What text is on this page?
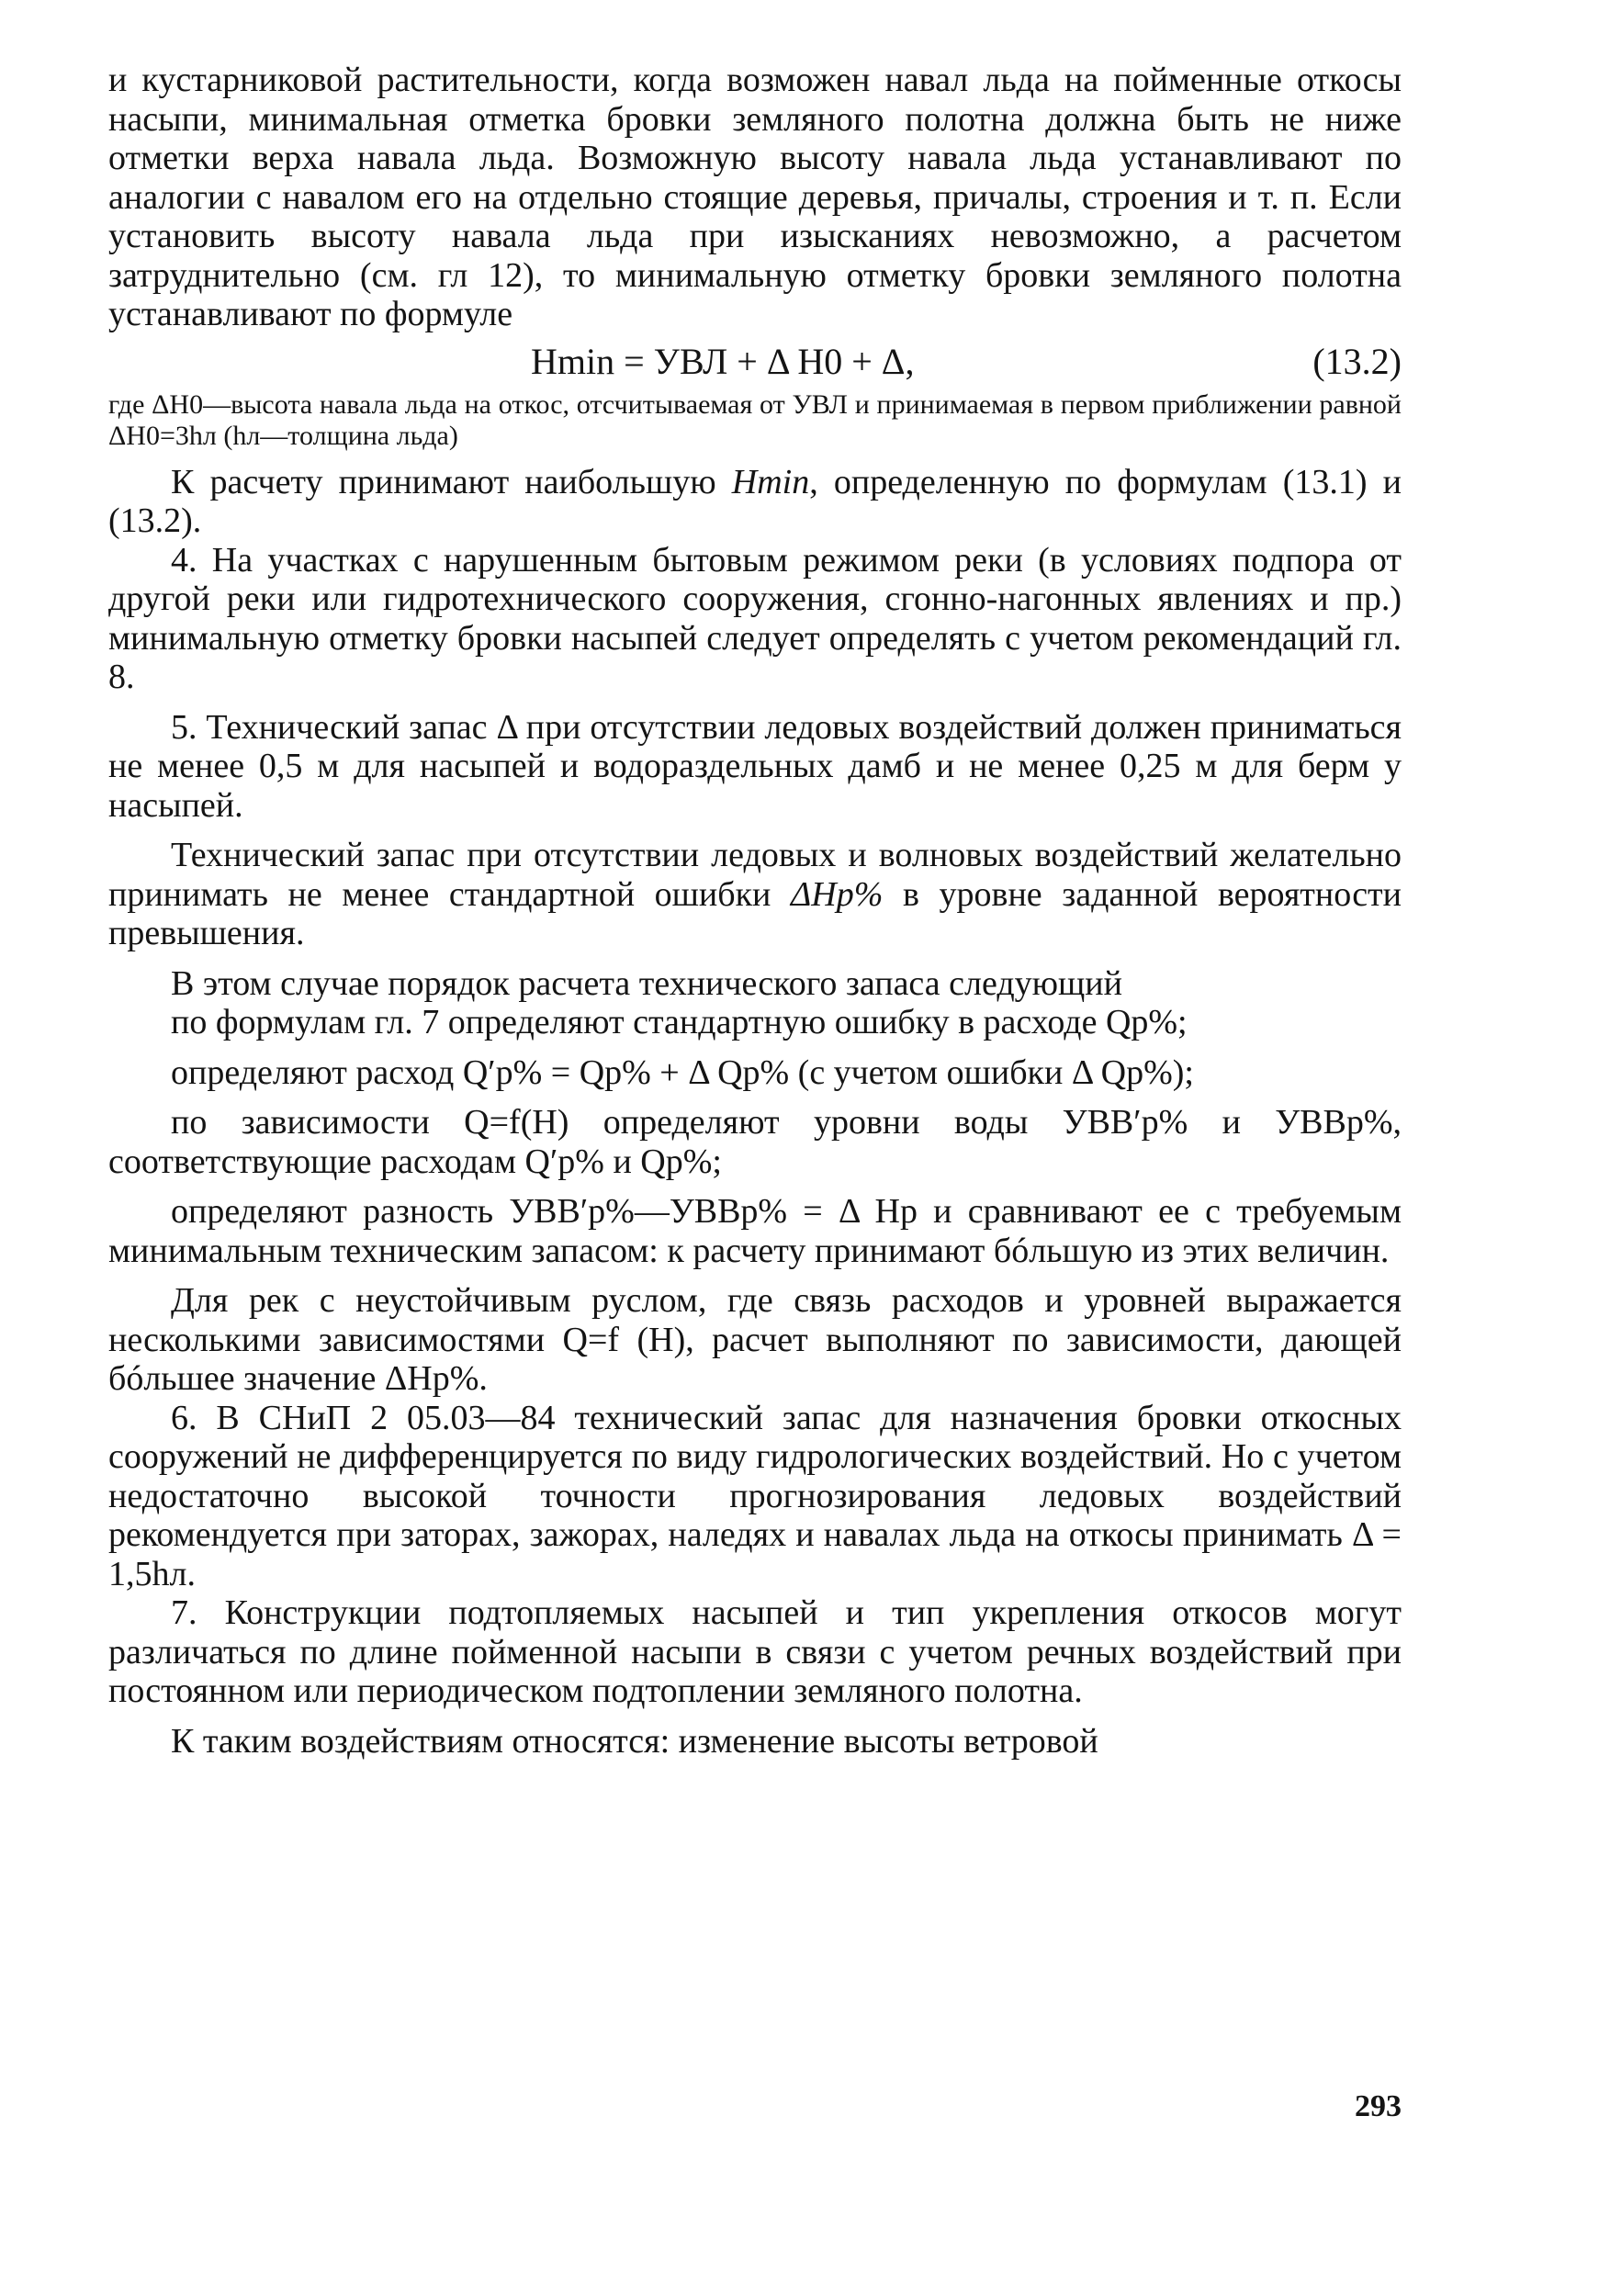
и кустарниковой растительности, когда возможен навал льда на пойменные откосы насыпи, минимальная отметка бровки земляного полотна должна быть не ниже отметки верха навала льда. Возможную высоту навала льда устанавливают по аналогии с навалом его на отдельно стоящие деревья, причалы, строения и т. п. Если установить высоту навала льда при изысканиях невозможно, а расчетом затруднительно (см. гл 12), то минимальную отметку бровки земляного полотна устанавливают по формуле

Hmin = УВЛ + Δ H0 + Δ,	(13.2)

где ΔH0—высота навала льда на откос, отсчитываемая от УВЛ и принимаемая в первом приближении равной ΔH0=3hл (hл—толщина льда)

К расчету принимают наибольшую Hmin, определенную по формулам (13.1) и (13.2).

4. На участках с нарушенным бытовым режимом реки (в условиях подпора от другой реки или гидротехнического сооружения, сгонно-нагонных явлениях и пр.) минимальную отметку бровки насыпей следует определять с учетом рекомендаций гл. 8.

5. Технический запас Δ при отсутствии ледовых воздействий должен приниматься не менее 0,5 м для насыпей и водораздельных дамб и не менее 0,25 м для берм у насыпей.

Технический запас при отсутствии ледовых и волновых воздействий желательно принимать не менее стандартной ошибки ΔHp% в уровне заданной вероятности превышения.

В этом случае порядок расчета технического запаса следующий

по формулам гл. 7 определяют стандартную ошибку в расходе Qp%;

определяют расход Q′p% = Qp% + Δ Qp% (с учетом ошибки Δ Qp%);

по зависимости Q=f(H) определяют уровни воды УВВ′p% и УВВp%, соответствующие расходам Q′p% и Qp%;

определяют разность УВВ′p%—УВВp% = Δ Hp и сравнивают ее с требуемым минимальным техническим запасом: к расчету принимают бóльшую из этих величин.

Для рек с неустойчивым руслом, где связь расходов и уровней выражается несколькими зависимостями Q=f (H), расчет выполняют по зависимости, дающей бóльшее значение ΔHp%.

6. В СНиП 2 05.03—84 технический запас для назначения бровки откосных сооружений не дифференцируется по виду гидрологических воздействий. Но с учетом недостаточно высокой точности прогнозирования ледовых воздействий рекомендуется при заторах, зажорах, наледях и навалах льда на откосы принимать Δ = 1,5hл.

7. Конструкции подтопляемых насыпей и тип укрепления откосов могут различаться по длине пойменной насыпи в связи с учетом речных воздействий при постоянном или периодическом подтоплении земляного полотна.

К таким воздействиям относятся: изменение высоты ветровой

293
